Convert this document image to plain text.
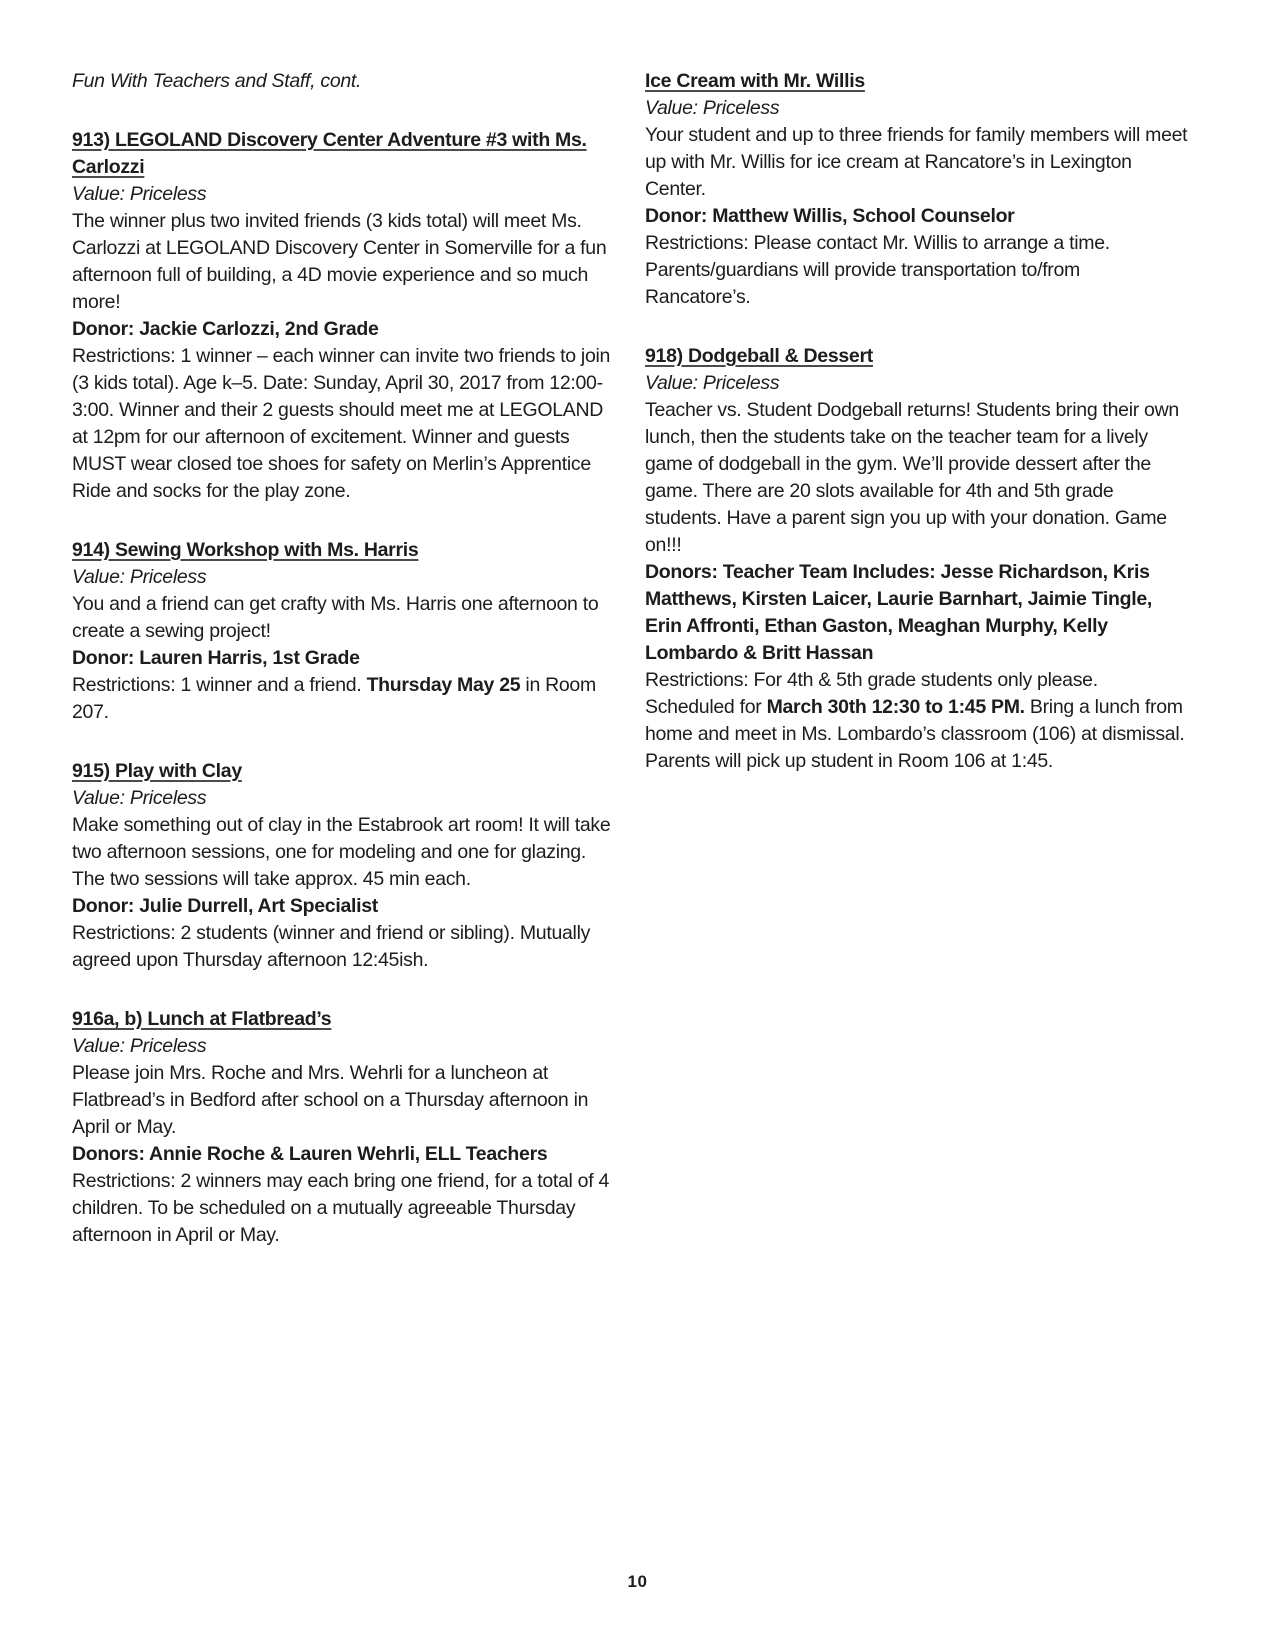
Fun With Teachers and Staff, cont.

913) LEGOLAND Discovery Center Adventure #3 with Ms. Carlozzi

Value: Priceless

The winner plus two invited friends (3 kids total) will meet Ms. Carlozzi at LEGOLAND Discovery Center in Somerville for a fun afternoon full of building, a 4D movie experience and so much more!

Donor: Jackie Carlozzi, 2nd Grade

Restrictions: 1 winner – each winner can invite two friends to join (3 kids total). Age k–5. Date: Sunday, April 30, 2017 from 12:00-3:00. Winner and their 2 guests should meet me at LEGOLAND at 12pm for our afternoon of excitement. Winner and guests MUST wear closed toe shoes for safety on Merlin’s Apprentice Ride and socks for the play zone.

914) Sewing Workshop with Ms. Harris

Value: Priceless

You and a friend can get crafty with Ms. Harris one afternoon to create a sewing project!

Donor: Lauren Harris, 1st Grade

Restrictions: 1 winner and a friend. Thursday May 25 in Room 207.

915) Play with Clay

Value: Priceless

Make something out of clay in the Estabrook art room! It will take two afternoon sessions, one for modeling and one for glazing. The two sessions will take approx. 45 min each.

Donor: Julie Durrell, Art Specialist

Restrictions: 2 students (winner and friend or sibling). Mutually agreed upon Thursday afternoon 12:45ish.

916a, b) Lunch at Flatbread’s

Value: Priceless

Please join Mrs. Roche and Mrs. Wehrli for a luncheon at Flatbread’s in Bedford after school on a Thursday afternoon in April or May.

Donors: Annie Roche & Lauren Wehrli, ELL Teachers

Restrictions: 2 winners may each bring one friend, for a total of 4 children. To be scheduled on a mutually agreeable Thursday afternoon in April or May.

Ice Cream with Mr. Willis

Value: Priceless

Your student and up to three friends for family members will meet up with Mr. Willis for ice cream at Rancatore’s in Lexington Center.

Donor: Matthew Willis, School Counselor

Restrictions: Please contact Mr. Willis to arrange a time. Parents/guardians will provide transportation to/from Rancatore’s.

918) Dodgeball & Dessert

Value: Priceless

Teacher vs. Student Dodgeball returns! Students bring their own lunch, then the students take on the teacher team for a lively game of dodgeball in the gym. We’ll provide dessert after the game. There are 20 slots available for 4th and 5th grade students. Have a parent sign you up with your donation. Game on!!!

Donors: Teacher Team Includes: Jesse Richardson, Kris Matthews, Kirsten Laicer, Laurie Barnhart, Jaimie Tingle, Erin Affronti, Ethan Gaston, Meaghan Murphy, Kelly Lombardo & Britt Hassan

Restrictions: For 4th & 5th grade students only please. Scheduled for March 30th 12:30 to 1:45 PM. Bring a lunch from home and meet in Ms. Lombardo’s classroom (106) at dismissal. Parents will pick up student in Room 106 at 1:45.

10
